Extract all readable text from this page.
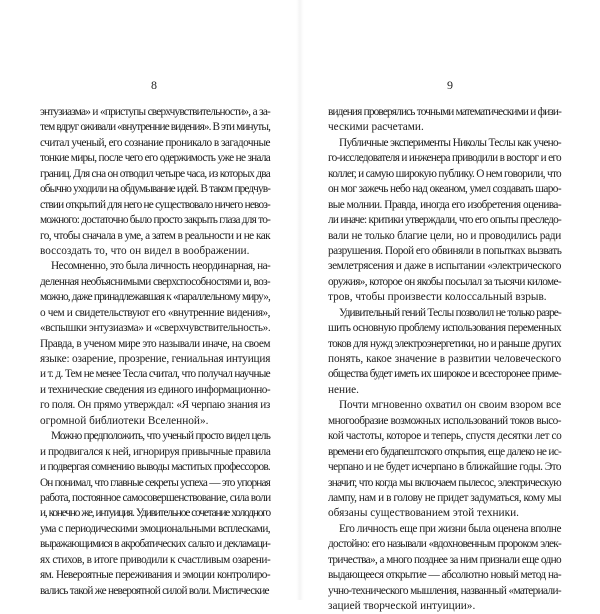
8
энтузиазма» и «приступы сверхчувствительности», а за-
тем вдруг оживали «внутренние видения». В эти минуты,
считал ученый, его сознание проникало в загадочные
тонкие миры, после чего его одержимость уже не знала
границ. Для сна он отводил четыре часа, из которых два
обычно уходили на обдумывание идей. В таком предчув-
ствии открытий для него не существовало ничего невоз-
можного: достаточно было просто закрыть глаза для то-
го, чтобы сначала в уме, а затем в реальности и не как
воссоздать то, что он видел в воображении.
Несомненно, это была личность неординарная, на-
деленная необъяснимыми сверхспособностями и, воз-
можно, даже принадлежавшая к «параллельному миру»,
о чем и свидетельствуют его «внутренние видения»,
«вспышки энтузиазма» и «сверхчувствительность».
Правда, в ученом мире это называли иначе, на своем
языке: озарение, прозрение, гениальная интуиция
и т. д. Тем не менее Тесла считал, что получал научные
и технические сведения из единого информационно-
го поля. Он прямо утверждал: «Я черпаю знания из
огромной библиотеки Вселенной».
Можно предположить, что ученый просто видел цель
и продвигался к ней, игнорируя привычные правила
и подвергая сомнению выводы маститых профессоров.
Он понимал, что главные секреты успеха — это упорная
работа, постоянное самосовершенствование, сила воли
и, конечно же, интуиция. Удивительное сочетание холодного
ума с периодическими эмоциональными всплесками,
выражающимися в акробатических сальто и декламаци-
ях стихов, в итоге приводили к счастливым озарени-
ям. Невероятные переживания и эмоции контролиро-
вались такой же невероятной силой воли. Мистические
9
видения проверялись точными математическими и физи-
ческими расчетами.
Публичные эксперименты Николы Теслы как учено-
го-исследователя и инженера приводили в восторг и его
коллег, и самую широкую публику. О нем говорили, что
он мог зажечь небо над океаном, умел создавать шаро-
вые молнии. Правда, иногда его изобретения оценива-
ли иначе: критики утверждали, что его опыты преследо-
вали не только благие цели, но и проводились ради
разрушения. Порой его обвиняли в попытках вызвать
землетрясения и даже в испытании «электрического
оружия», которое он якобы посылал за тысячи киломе-
тров, чтобы произвести колоссальный взрыв.
Удивительный гений Теслы позволил не только разре-
шить основную проблему использования переменных
токов для нужд электроэнергетики, но и раньше других
понять, какое значение в развитии человеческого
общества будет иметь их широкое и всесторонее приме-
нение.
Почти мгновенно охватил он своим взором все
многообразие возможных использований токов высо-
кой частоты, которое и теперь, спустя десятки лет со
времени его будапештского открытия, еще далеко не ис-
черпано и не будет исчерпано в ближайшие годы. Это
значит, что когда мы включаем пылесос, электрическую
лампу, нам и в голову не придет задуматься, кому мы
обязаны существованием этой техники.
Его личность еще при жизни была оценена вполне
достойно: его называли «вдохновенным пророком элек-
тричества», а много позднее за ним признали еще одно
выдающееся открытие — абсолютно новый метод на-
учно-технического мышления, названный «материали-
зацией творческой интуиции».
